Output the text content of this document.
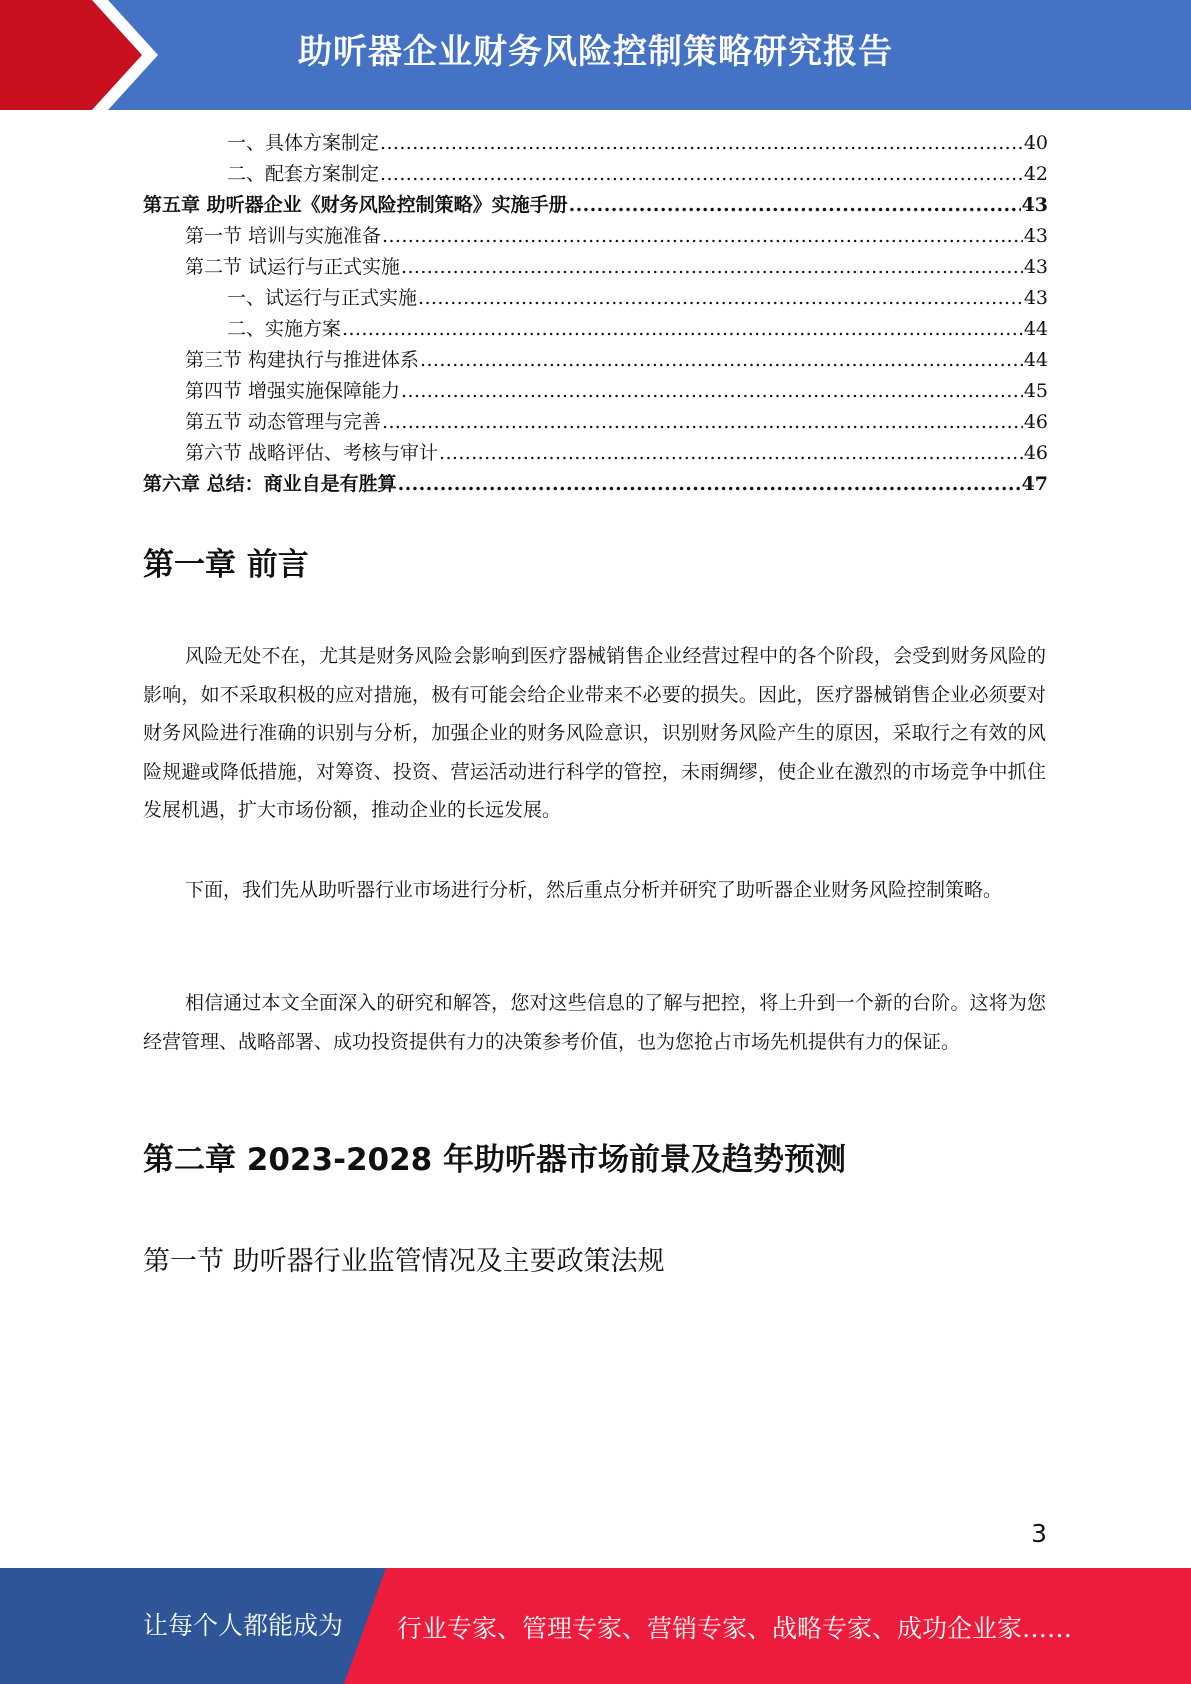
助听器企业财务风险控制策略研究报告
一、具体方案制定 .....	40
二、配套方案制定 .....	42
第五章 助听器企业《财务风险控制策略》实施手册 .....	43
第一节 培训与实施准备 .....	43
第二节 试运行与正式实施 .....	43
一、试运行与正式实施 .....	43
二、实施方案 .....	44
第三节 构建执行与推进体系 .....	44
第四节 增强实施保障能力 .....	45
第五节 动态管理与完善 .....	46
第六节 战略评估、考核与审计 .....	46
第六章 总结：商业自是有胜算 .....	47
第一章 前言

风险无处不在，尤其是财务风险会影响到医疗器械销售企业经营过程中的各个阶段，会受到财务风险的影响，如不采取积极的应对措施，极有可能会给企业带来不必要的损失。因此，医疗器械销售企业必须要对财务风险进行准确的识别与分析，加强企业的财务风险意识，识别财务风险产生的原因，采取行之有效的风险规避或降低措施，对筹资、投资、营运活动进行科学的管控，未雨绸缪，使企业在激烈的市场竞争中抓住发展机遇，扩大市场份额，推动企业的长远发展。

下面，我们先从助听器行业市场进行分析，然后重点分析并研究了助听器企业财务风险控制策略。

相信通过本文全面深入的研究和解答，您对这些信息的了解与把控，将上升到一个新的台阶。这将为您经营管理、战略部署、成功投资提供有力的决策参考价值，也为您抢占市场先机提供有力的保证。

第二章 2023-2028 年助听器市场前景及趋势预测
第一节 助听器行业监管情况及主要政策法规
3
让每个人都能成为 行业专家、管理专家、营销专家、战略专家、成功企业家……
